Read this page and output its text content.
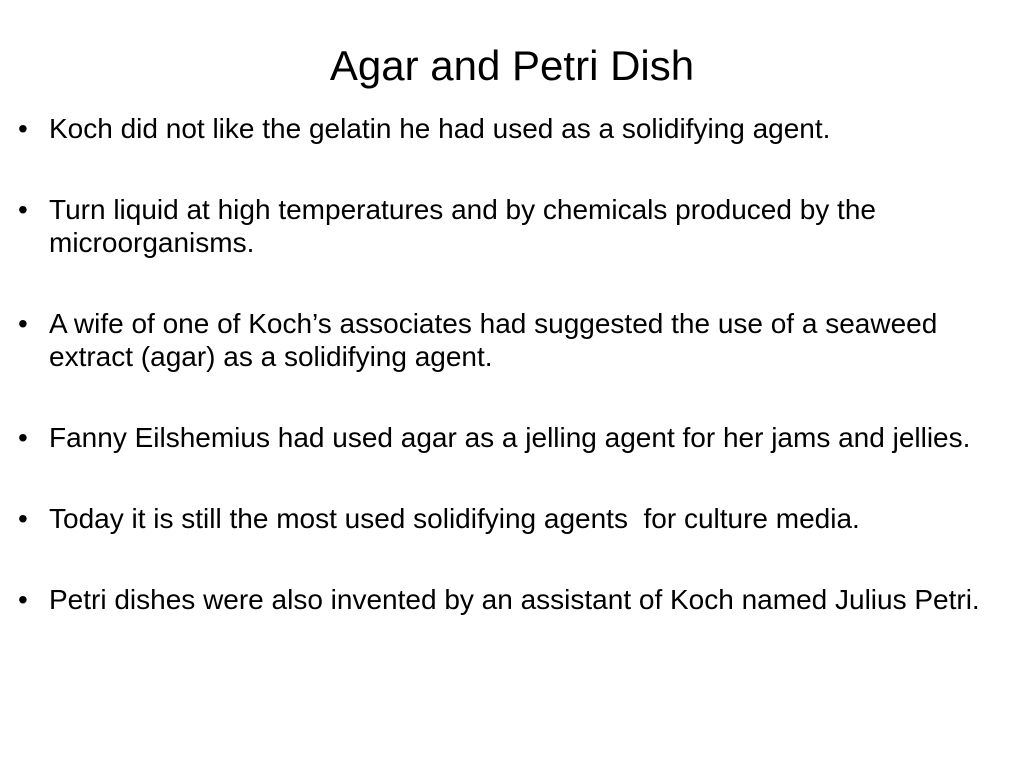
Agar and Petri Dish
• Koch did not like the gelatin he had used as a solidifying agent.
• Turn liquid at high temperatures and by chemicals produced by the microorganisms.
• A wife of one of Koch’s associates had suggested the use of a seaweed extract (agar) as a solidifying agent.
• Fanny Eilshemius had used agar as a jelling agent for her jams and jellies.
• Today it is still the most used solidifying agents  for culture media.
• Petri dishes were also invented by an assistant of Koch named Julius Petri.
